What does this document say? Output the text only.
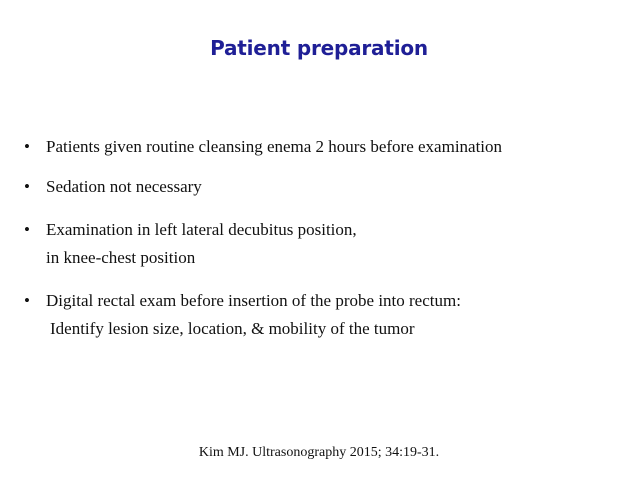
Patient preparation
• Patients given routine cleansing enema 2 hours before examination
• Sedation not necessary
• Examination in left lateral decubitus position,
in knee-chest position
• Digital rectal exam before insertion of the probe into rectum:
Identify lesion size, location, & mobility of the tumor
Kim MJ. Ultrasonography 2015; 34:19-31.
